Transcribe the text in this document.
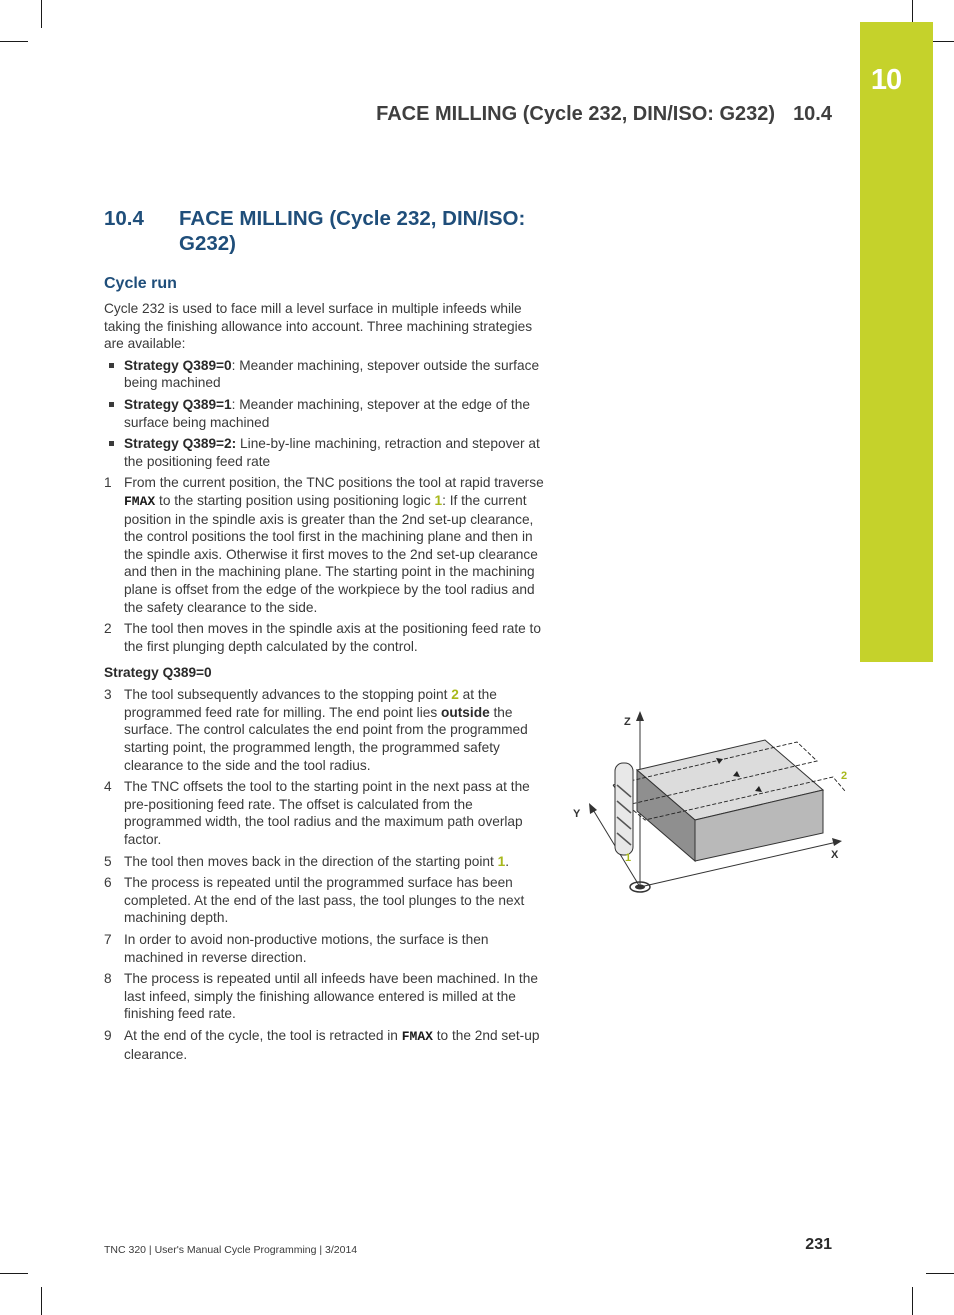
10
FACE MILLING (Cycle 232, DIN/ISO: G232) 10.4
10.4	FACE MILLING (Cycle 232, DIN/ISO: G232)
Cycle run

Cycle 232 is used to face mill a level surface in multiple infeeds while taking the finishing allowance into account. Three machining strategies are available:

Strategy Q389=0: Meander machining, stepover outside the surface being machined
Strategy Q389=1: Meander machining, stepover at the edge of the surface being machined
Strategy Q389=2: Line-by-line machining, retraction and stepover at the positioning feed rate
1 From the current position, the TNC positions the tool at rapid traverse FMAX to the starting position using positioning logic 1: If the current position in the spindle axis is greater than the 2nd set-up clearance, the control positions the tool first in the machining plane and then in the spindle axis. Otherwise it first moves to the 2nd set-up clearance and then in the machining plane. The starting point in the machining plane is offset from the edge of the workpiece by the tool radius and the safety clearance to the side.
2 The tool then moves in the spindle axis at the positioning feed rate to the first plunging depth calculated by the control.
Strategy Q389=0
3 The tool subsequently advances to the stopping point 2 at the programmed feed rate for milling. The end point lies outside the surface. The control calculates the end point from the programmed starting point, the programmed length, the programmed safety clearance to the side and the tool radius.
4 The TNC offsets the tool to the starting point in the next pass at the pre-positioning feed rate. The offset is calculated from the programmed width, the tool radius and the maximum path overlap factor.
5 The tool then moves back in the direction of the starting point 1.
6 The process is repeated until the programmed surface has been completed. At the end of the last pass, the tool plunges to the next machining depth.
7 In order to avoid non-productive motions, the surface is then machined in reverse direction.
8 The process is repeated until all infeeds have been machined. In the last infeed, simply the finishing allowance entered is milled at the finishing feed rate.
9 At the end of the cycle, the tool is retracted in FMAX to the 2nd set-up clearance.
Z
Y
X
1
2
TNC 320 | User's Manual Cycle Programming | 3/2014	231
